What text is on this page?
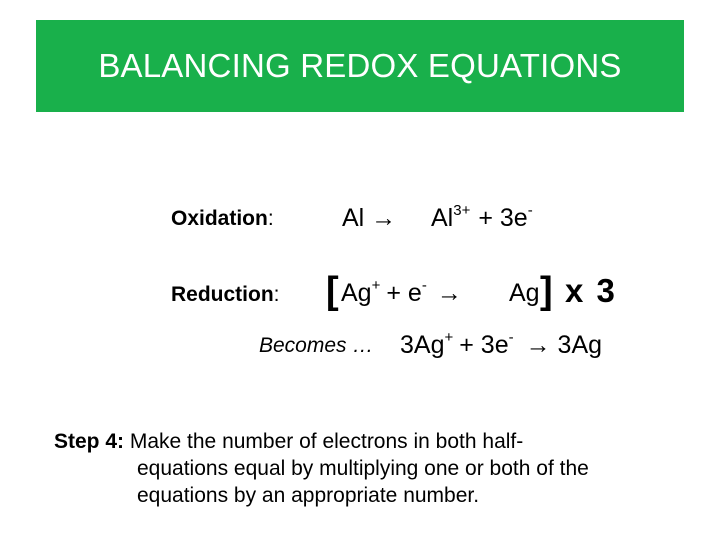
BALANCING REDOX EQUATIONS
Oxidation:	$Al \to Al^{3+} + 3e^-$
Reduction: [ Ag+ + e- → Ag ] x 3
Becomes … 3Ag+ + 3e- → 3Ag
Step 4: Make the number of electrons in both half-
equations equal by multiplying one or both of the
equations by an appropriate number.
